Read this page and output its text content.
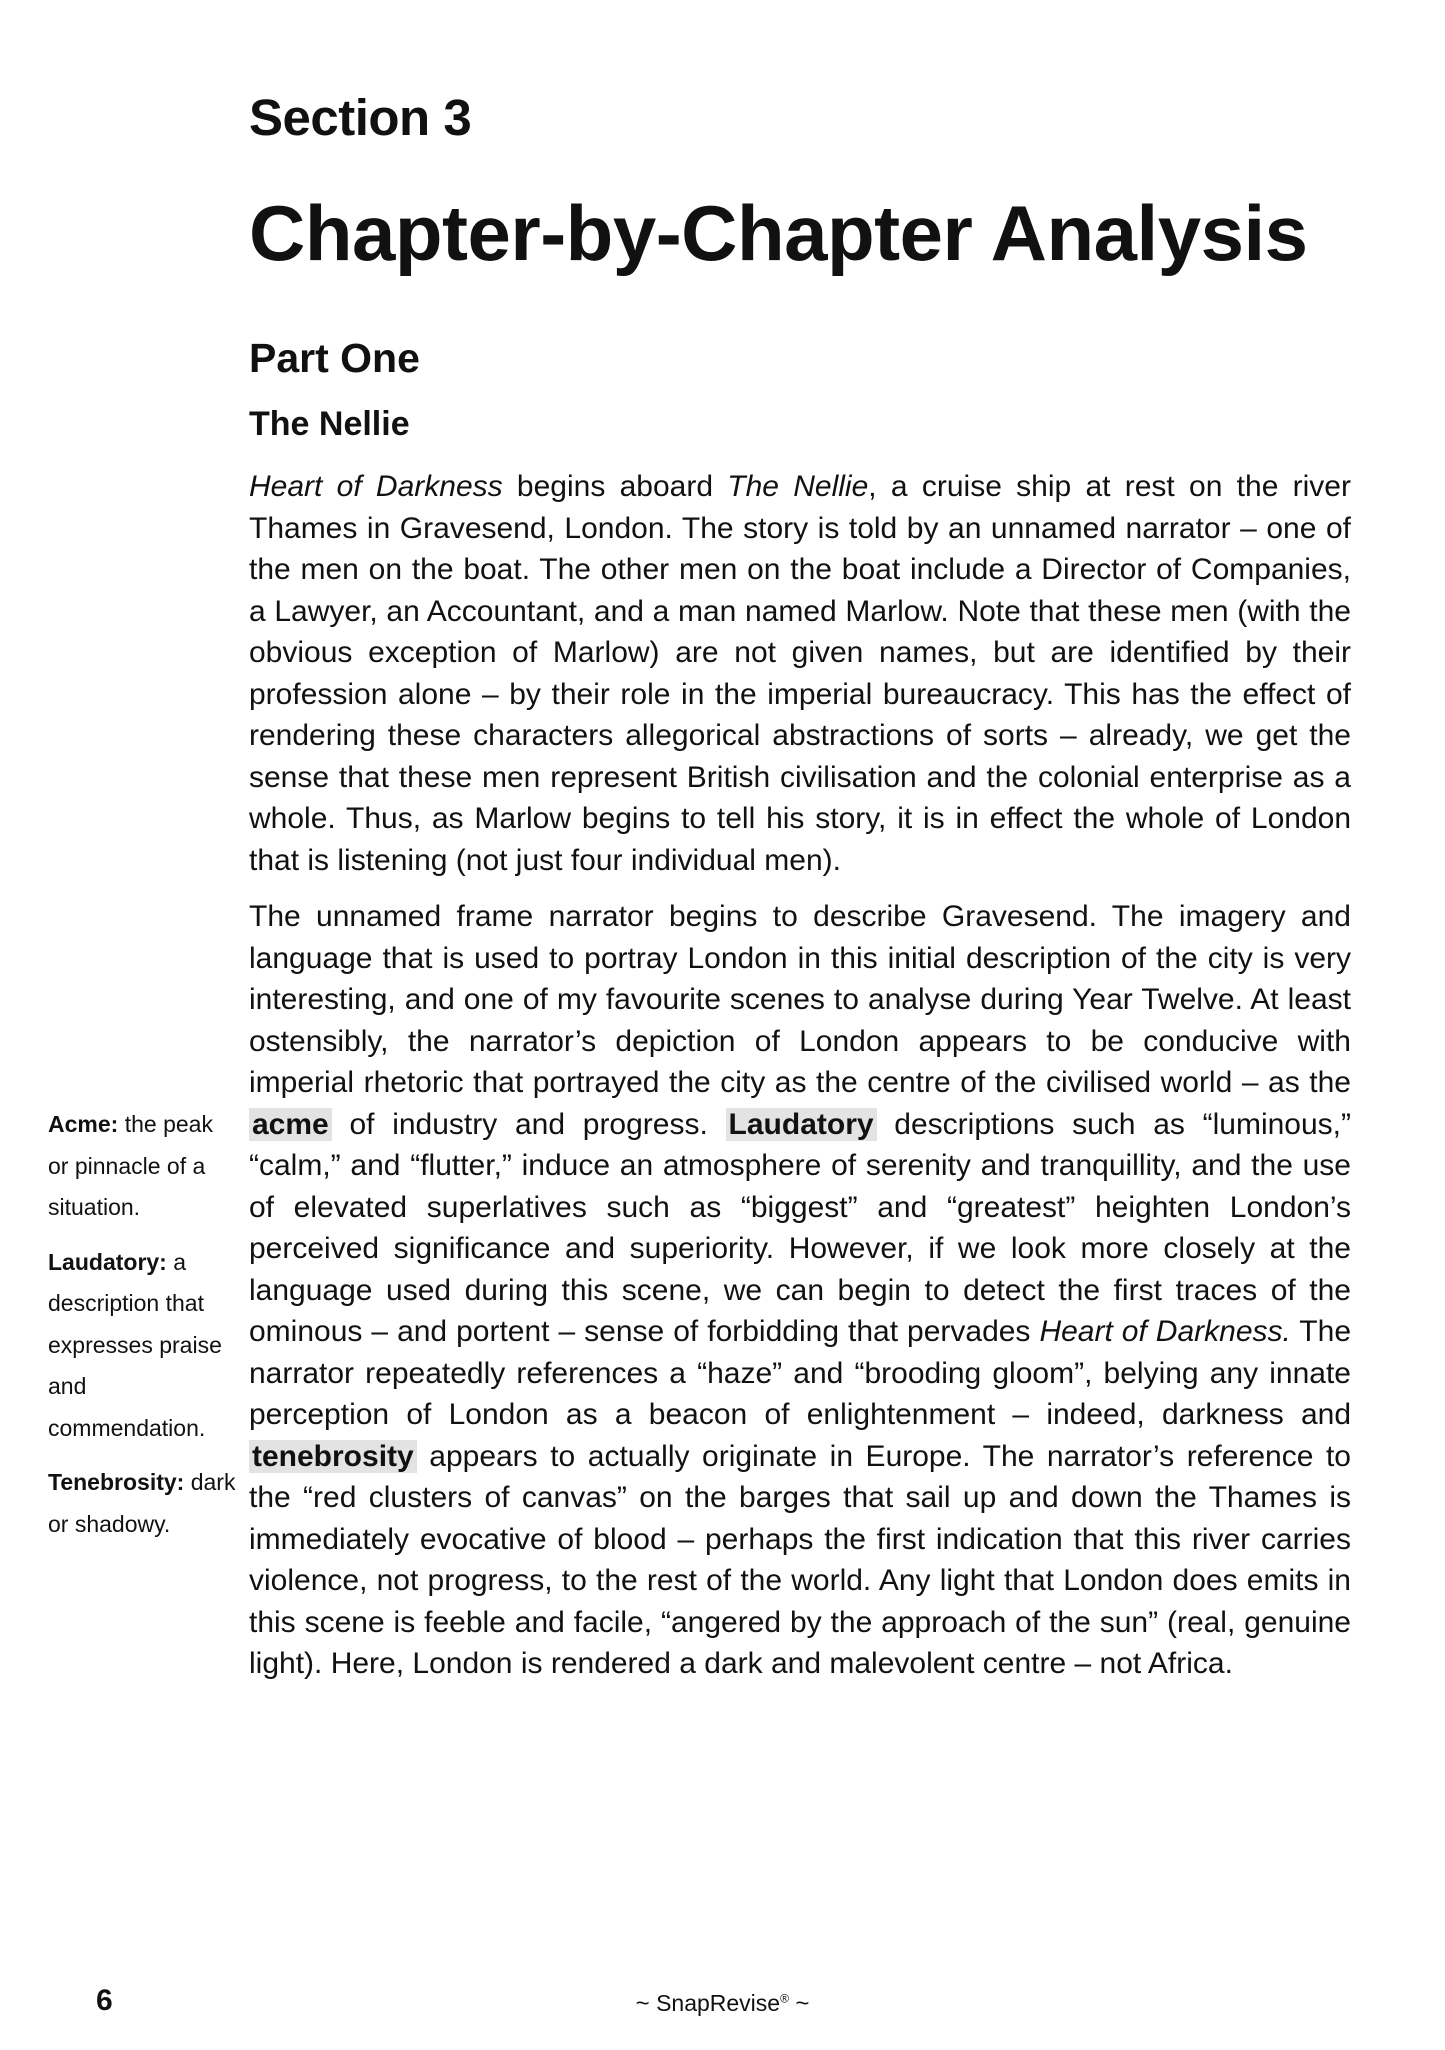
Section 3
Chapter-by-Chapter Analysis
Part One
The Nellie

Heart of Darkness begins aboard The Nellie, a cruise ship at rest on the river Thames in Gravesend, London. The story is told by an unnamed narrator – one of the men on the boat. The other men on the boat include a Director of Companies, a Lawyer, an Accountant, and a man named Marlow. Note that these men (with the obvious exception of Marlow) are not given names, but are identified by their profession alone – by their role in the imperial bureaucracy. This has the effect of rendering these characters allegorical abstractions of sorts – already, we get the sense that these men represent British civilisation and the colonial enterprise as a whole. Thus, as Marlow begins to tell his story, it is in effect the whole of London that is listening (not just four individual men).

The unnamed frame narrator begins to describe Gravesend. The imagery and language that is used to portray London in this initial description of the city is very interesting, and one of my favourite scenes to analyse during Year Twelve. At least ostensibly, the narrator’s depiction of London appears to be conducive with imperial rhetoric that portrayed the city as the centre of the civilised world – as the acme of industry and progress. Laudatory descriptions such as “luminous,” “calm,” and “flutter,” induce an atmosphere of serenity and tranquillity, and the use of elevated superlatives such as “biggest” and “greatest” heighten London’s perceived significance and superiority. However, if we look more closely at the language used during this scene, we can begin to detect the first traces of the ominous – and portent – sense of forbidding that pervades Heart of Darkness. The narrator repeatedly references a “haze” and “brooding gloom”, belying any innate perception of London as a beacon of enlightenment – indeed, darkness and tenebrosity appears to actually originate in Europe. The narrator’s reference to the “red clusters of canvas” on the barges that sail up and down the Thames is immediately evocative of blood – perhaps the first indication that this river carries violence, not progress, to the rest of the world. Any light that London does emits in this scene is feeble and facile, “angered by the approach of the sun” (real, genuine light). Here, London is rendered a dark and malevolent centre – not Africa.

Acme: the peak or pinnacle of a situation.
Laudatory: a description that expresses praise and commendation.
Tenebrosity: dark or shadowy.
6	~ SnapRevise® ~
